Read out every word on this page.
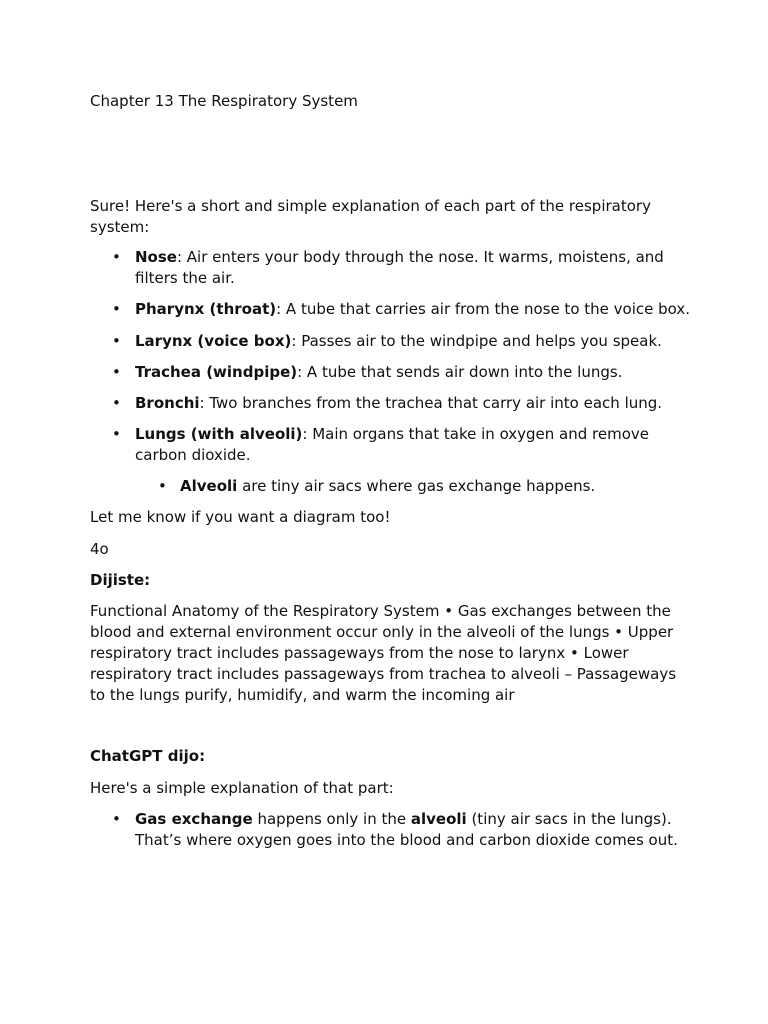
Chapter 13 The Respiratory System

Sure! Here's a short and simple explanation of each part of the respiratory system:

• Nose: Air enters your body through the nose. It warms, moistens, and filters the air.
• Pharynx (throat): A tube that carries air from the nose to the voice box.
• Larynx (voice box): Passes air to the windpipe and helps you speak.
• Trachea (windpipe): A tube that sends air down into the lungs.
• Bronchi: Two branches from the trachea that carry air into each lung.
• Lungs (with alveoli): Main organs that take in oxygen and remove carbon dioxide.
• Alveoli are tiny air sacs where gas exchange happens.

Let me know if you want a diagram too!

4o

Dijiste:

Functional Anatomy of the Respiratory System • Gas exchanges between the blood and external environment occur only in the alveoli of the lungs • Upper respiratory tract includes passageways from the nose to larynx • Lower respiratory tract includes passageways from trachea to alveoli – Passageways to the lungs purify, humidify, and warm the incoming air

ChatGPT dijo:

Here's a simple explanation of that part:

• Gas exchange happens only in the alveoli (tiny air sacs in the lungs). That’s where oxygen goes into the blood and carbon dioxide comes out.
